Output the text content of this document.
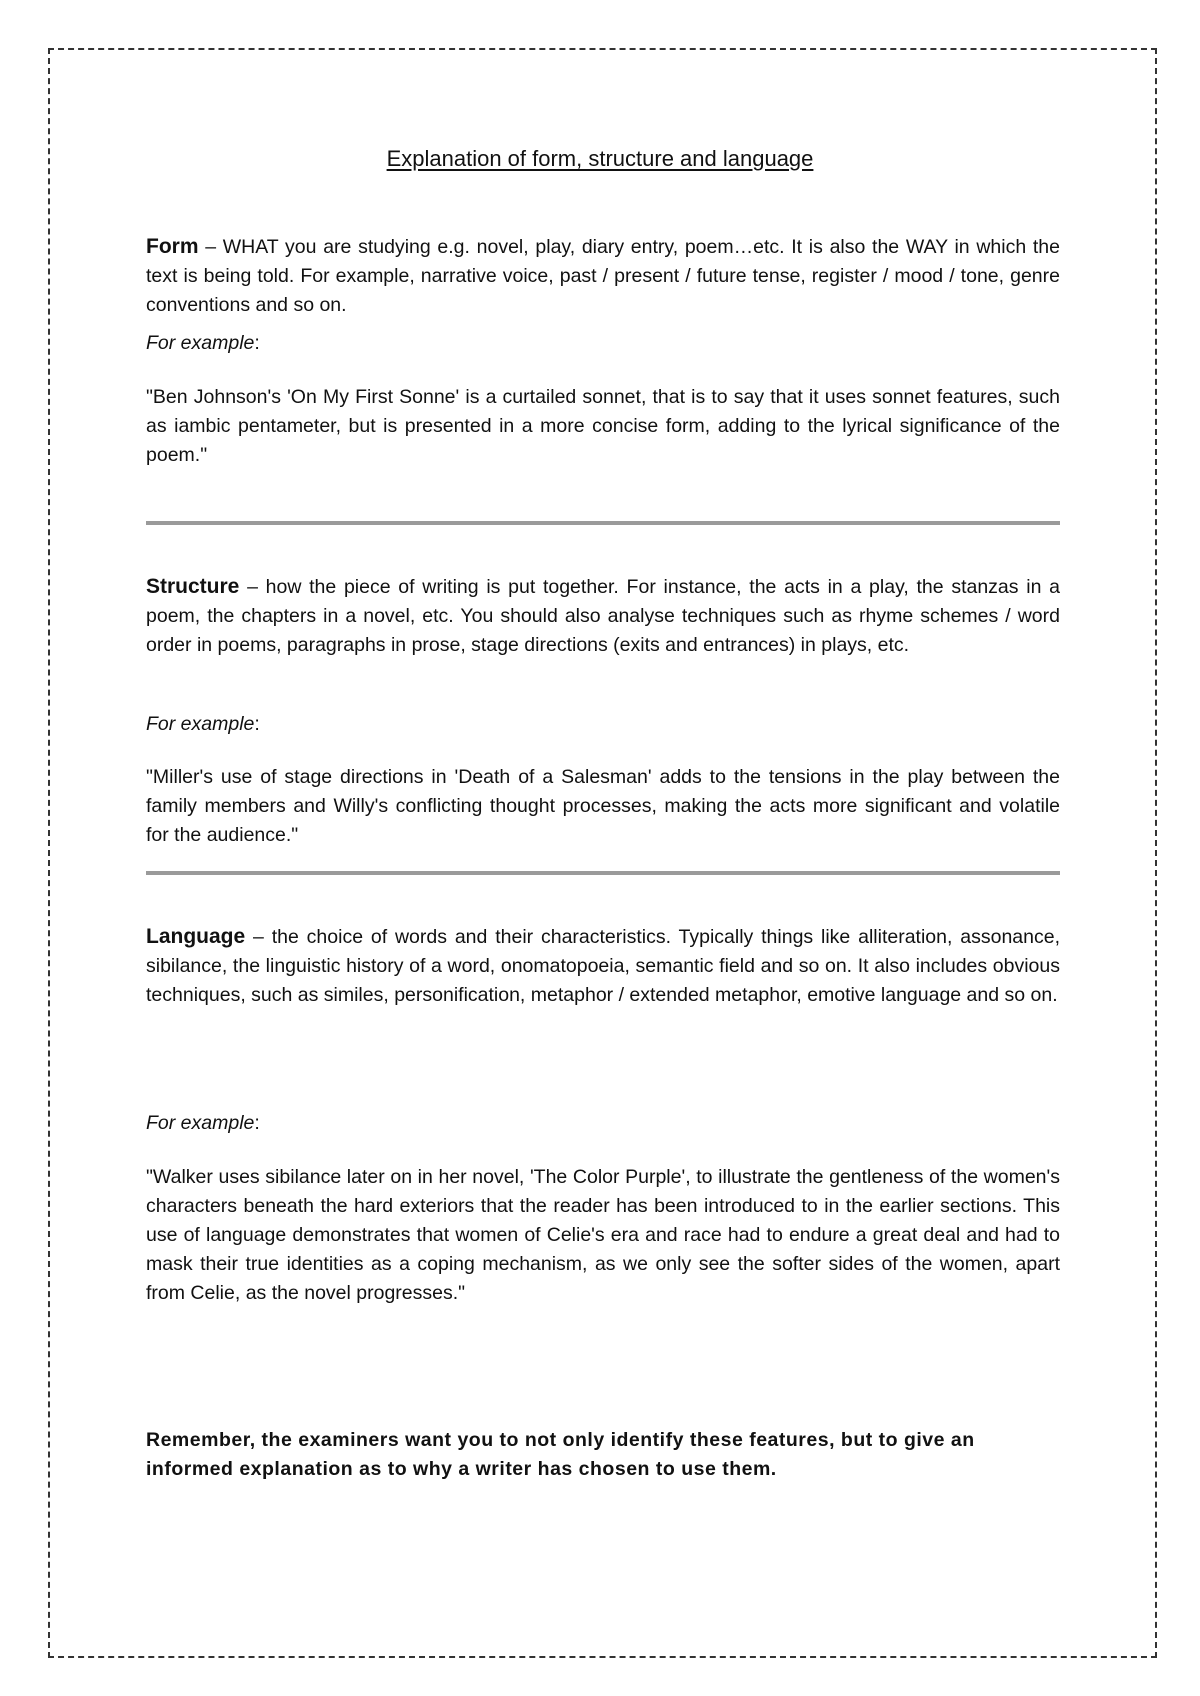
Explanation of form, structure and language

Form – WHAT you are studying e.g. novel, play, diary entry, poem…etc. It is also the WAY in which the text is being told. For example, narrative voice, past / present / future tense, register / mood / tone, genre conventions and so on.

For example:

"Ben Johnson's 'On My First Sonne' is a curtailed sonnet, that is to say that it uses sonnet features, such as iambic pentameter, but is presented in a more concise form, adding to the lyrical significance of the poem."

Structure – how the piece of writing is put together. For instance, the acts in a play, the stanzas in a poem, the chapters in a novel, etc. You should also analyse techniques such as rhyme schemes / word order in poems, paragraphs in prose, stage directions (exits and entrances) in plays, etc.

For example:

"Miller's use of stage directions in 'Death of a Salesman' adds to the tensions in the play between the family members and Willy's conflicting thought processes, making the acts more significant and volatile for the audience."

Language – the choice of words and their characteristics. Typically things like alliteration, assonance, sibilance, the linguistic history of a word, onomatopoeia, semantic field and so on. It also includes obvious techniques, such as similes, personification, metaphor / extended metaphor, emotive language and so on.

For example:

"Walker uses sibilance later on in her novel, 'The Color Purple', to illustrate the gentleness of the women's characters beneath the hard exteriors that the reader has been introduced to in the earlier sections. This use of language demonstrates that women of Celie's era and race had to endure a great deal and had to mask their true identities as a coping mechanism, as we only see the softer sides of the women, apart from Celie, as the novel progresses."

Remember, the examiners want you to not only identify these features, but to give an informed explanation as to why a writer has chosen to use them.
